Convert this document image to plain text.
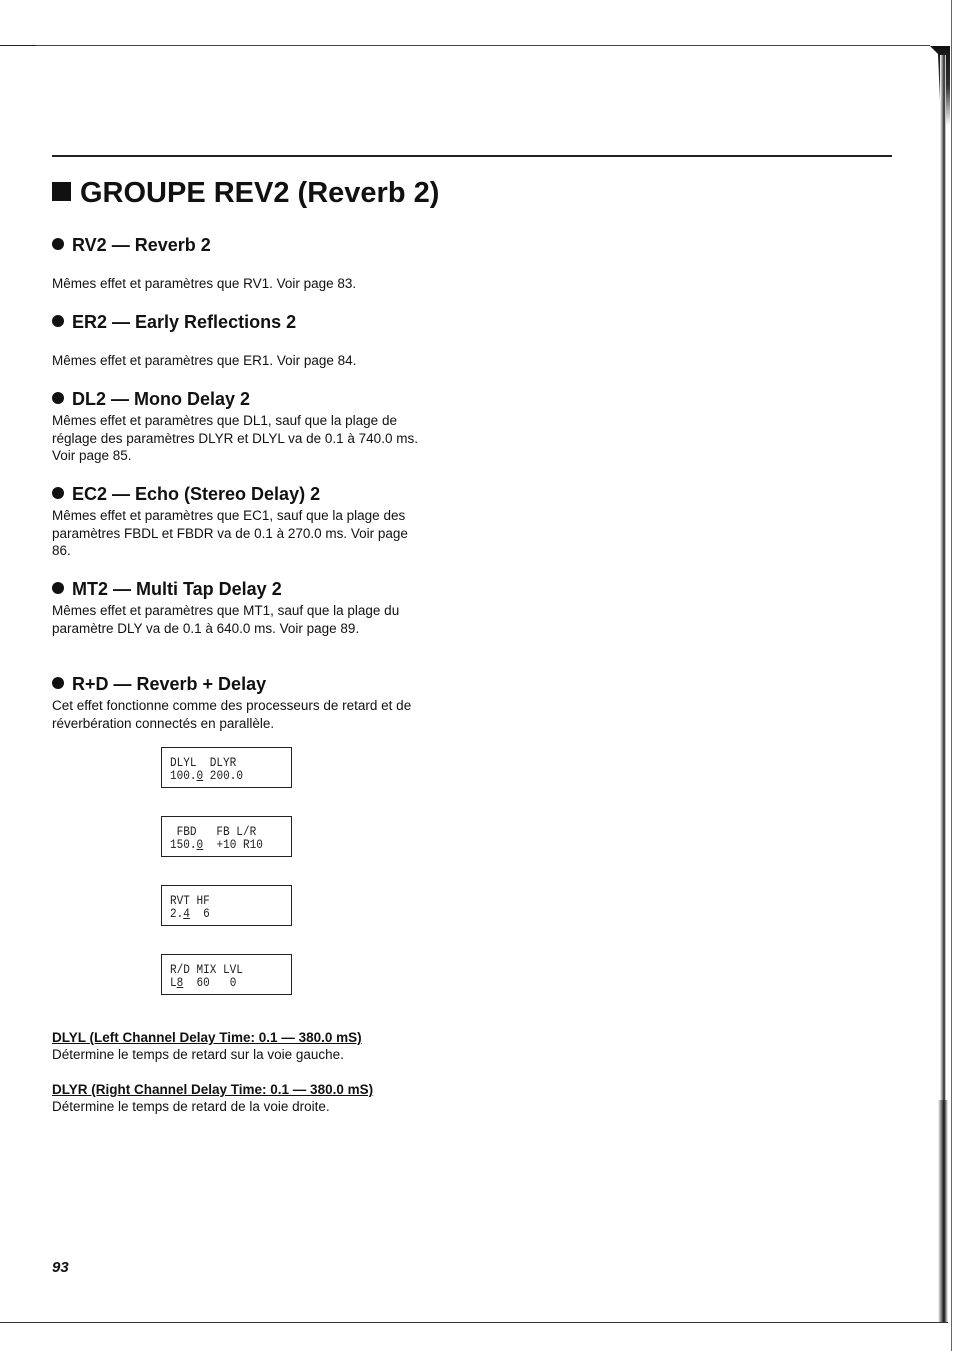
GROUPE REV2 (Reverb 2)
RV2 — Reverb 2

Mêmes effet et paramètres que RV1. Voir page 83.

ER2 — Early Reflections 2

Mêmes effet et paramètres que ER1. Voir page 84.

DL2 — Mono Delay 2

Mêmes effet et paramètres que DL1, sauf que la plage de
réglage des paramètres DLYR et DLYL va de 0.1 à 740.0 ms.
Voir page 85.

EC2 — Echo (Stereo Delay) 2

Mêmes effet et paramètres que EC1, sauf que la plage des
paramètres FBDL et FBDR va de 0.1 à 270.0 ms. Voir page
86.

MT2 — Multi Tap Delay 2

Mêmes effet et paramètres que MT1, sauf que la plage du
paramètre DLY va de 0.1 à 640.0 ms. Voir page 89.

R+D — Reverb + Delay

Cet effet fonctionne comme des processeurs de retard et de
réverbération connectés en parallèle.

DLYL  DLYR
100.0 200.0
FBD   FB L/R
150.0  +10 R10
RVT HF
2.4  6
R/D MIX LVL
L8  60   0

DLYL (Left Channel Delay Time: 0.1 — 380.0 mS)

Détermine le temps de retard sur la voie gauche.

DLYR (Right Channel Delay Time: 0.1 — 380.0 mS)

Détermine le temps de retard de la voie droite.

93
